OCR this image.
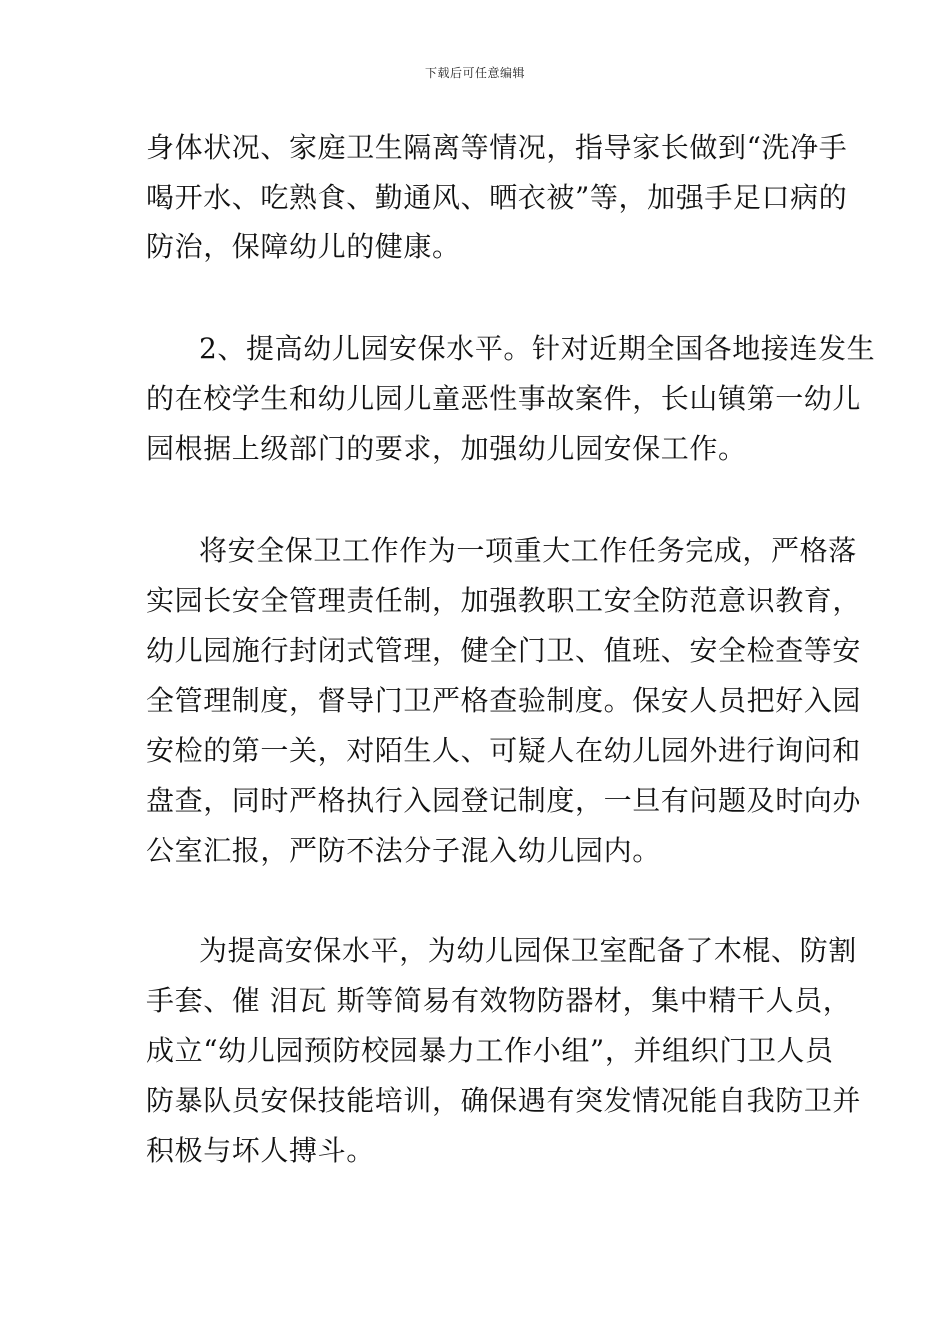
下载后可任意编辑
身体状况、家庭卫生隔离等情况，指导家长做到“洗净手
喝开水、吃熟食、勤通风、晒衣被”等，加强手足口病的
防治，保障幼儿的健康。
2、提高幼儿园安保水平。针对近期全国各地接连发生
的在校学生和幼儿园儿童恶性事故案件，长山镇第一幼儿
园根据上级部门的要求，加强幼儿园安保工作。
将安全保卫工作作为一项重大工作任务完成，严格落
实园长安全管理责任制，加强教职工安全防范意识教育，
幼儿园施行封闭式管理，健全门卫、值班、安全检查等安
全管理制度，督导门卫严格查验制度。保安人员把好入园
安检的第一关，对陌生人、可疑人在幼儿园外进行询问和
盘查，同时严格执行入园登记制度，一旦有问题及时向办
公室汇报，严防不法分子混入幼儿园内。
为提高安保水平，为幼儿园保卫室配备了木棍、防割
手套、催 泪瓦 斯等简易有效物防器材，集中精干人员，
成立“幼儿园预防校园暴力工作小组”，并组织门卫人员
防暴队员安保技能培训，确保遇有突发情况能自我防卫并
积极与坏人搏斗。
